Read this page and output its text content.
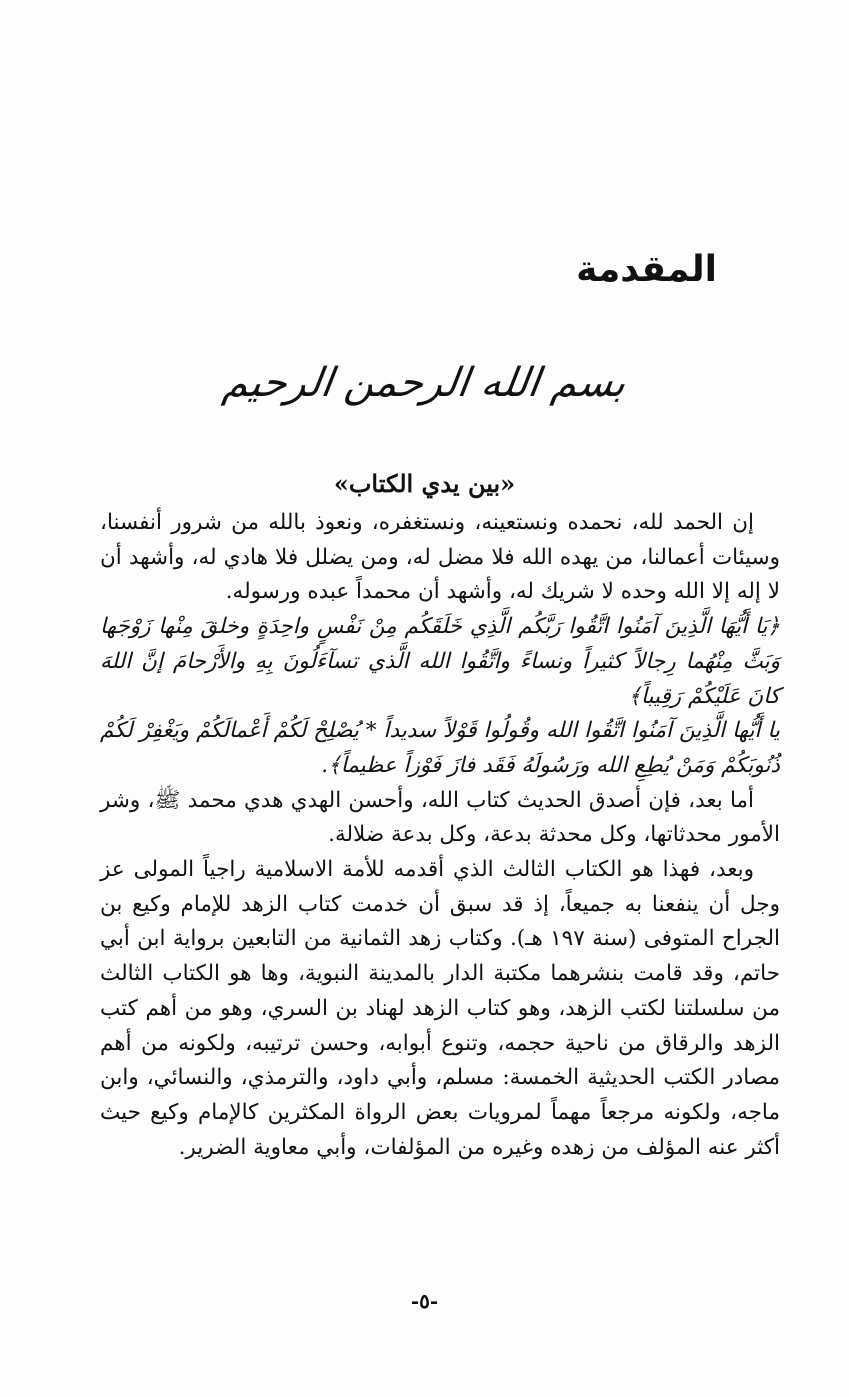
المقدمة
بسم الله الرحمن الرحيم
«بين يدي الكتاب»

إن الحمد لله، نحمده ونستعينه، ونستغفره، ونعوذ بالله من شرور أنفسنا، وسيئات أعمالنا، من يهده الله فلا مضل له، ومن يضلل فلا هادي له، وأشهد أن لا إله إلا الله وحده لا شريك له، وأشهد أن محمداً عبده ورسوله.

﴿يَا أَيُّهَا الَّذِينَ آمَنُوا اتَّقُوا رَبَّكُم الَّذِي خَلَقَكُم مِنْ نَفْسٍ واحِدَةٍ وخلقَ مِنْها زَوْجَها وَبَثَّ مِنْهُما رِجالاً كثيراً ونساءً واتَّقُوا الله الَّذي تسآءَلُونَ بِهِ والأَرْحامَ إنَّ اللهَ كانَ عَلَيْكُمْ رَقِيباً﴾

يا أَيُّها الَّذِينَ آمَنُوا اتَّقُوا الله وقُولُوا قَوْلاً سديداً * يُصْلِحْ لَكُمْ أَعْمالَكُمْ ويَغْفِرْ لَكُمْ ذُنُوبَكُمْ وَمَنْ يُطِعِ الله ورَسُولَهُ فَقَد فازَ فَوْزاً عظيماً﴾.

أما بعد، فإن أصدق الحديث كتاب الله، وأحسن الهدي هدي محمد ﷺ، وشر الأمور محدثاتها، وكل محدثة بدعة، وكل بدعة ضلالة.

وبعد، فهذا هو الكتاب الثالث الذي أقدمه للأمة الاسلامية راجياً المولى عز وجل أن ينفعنا به جميعاً، إذ قد سبق أن خدمت كتاب الزهد للإمام وكيع بن الجراح المتوفى (سنة ١٩٧ هـ). وكتاب زهد الثمانية من التابعين برواية ابن أبي حاتم، وقد قامت بنشرهما مكتبة الدار بالمدينة النبوية، وها هو الكتاب الثالث من سلسلتنا لكتب الزهد، وهو كتاب الزهد لهناد بن السري، وهو من أهم كتب الزهد والرقاق من ناحية حجمه، وتنوع أبوابه، وحسن ترتيبه، ولكونه من أهم مصادر الكتب الحديثية الخمسة: مسلم، وأبي داود، والترمذي، والنسائي، وابن ماجه، ولكونه مرجعاً مهماً لمرويات بعض الرواة المكثرين كالإمام وكيع حيث أكثر عنه المؤلف من زهده وغيره من المؤلفات، وأبي معاوية الضرير.

-٥-
